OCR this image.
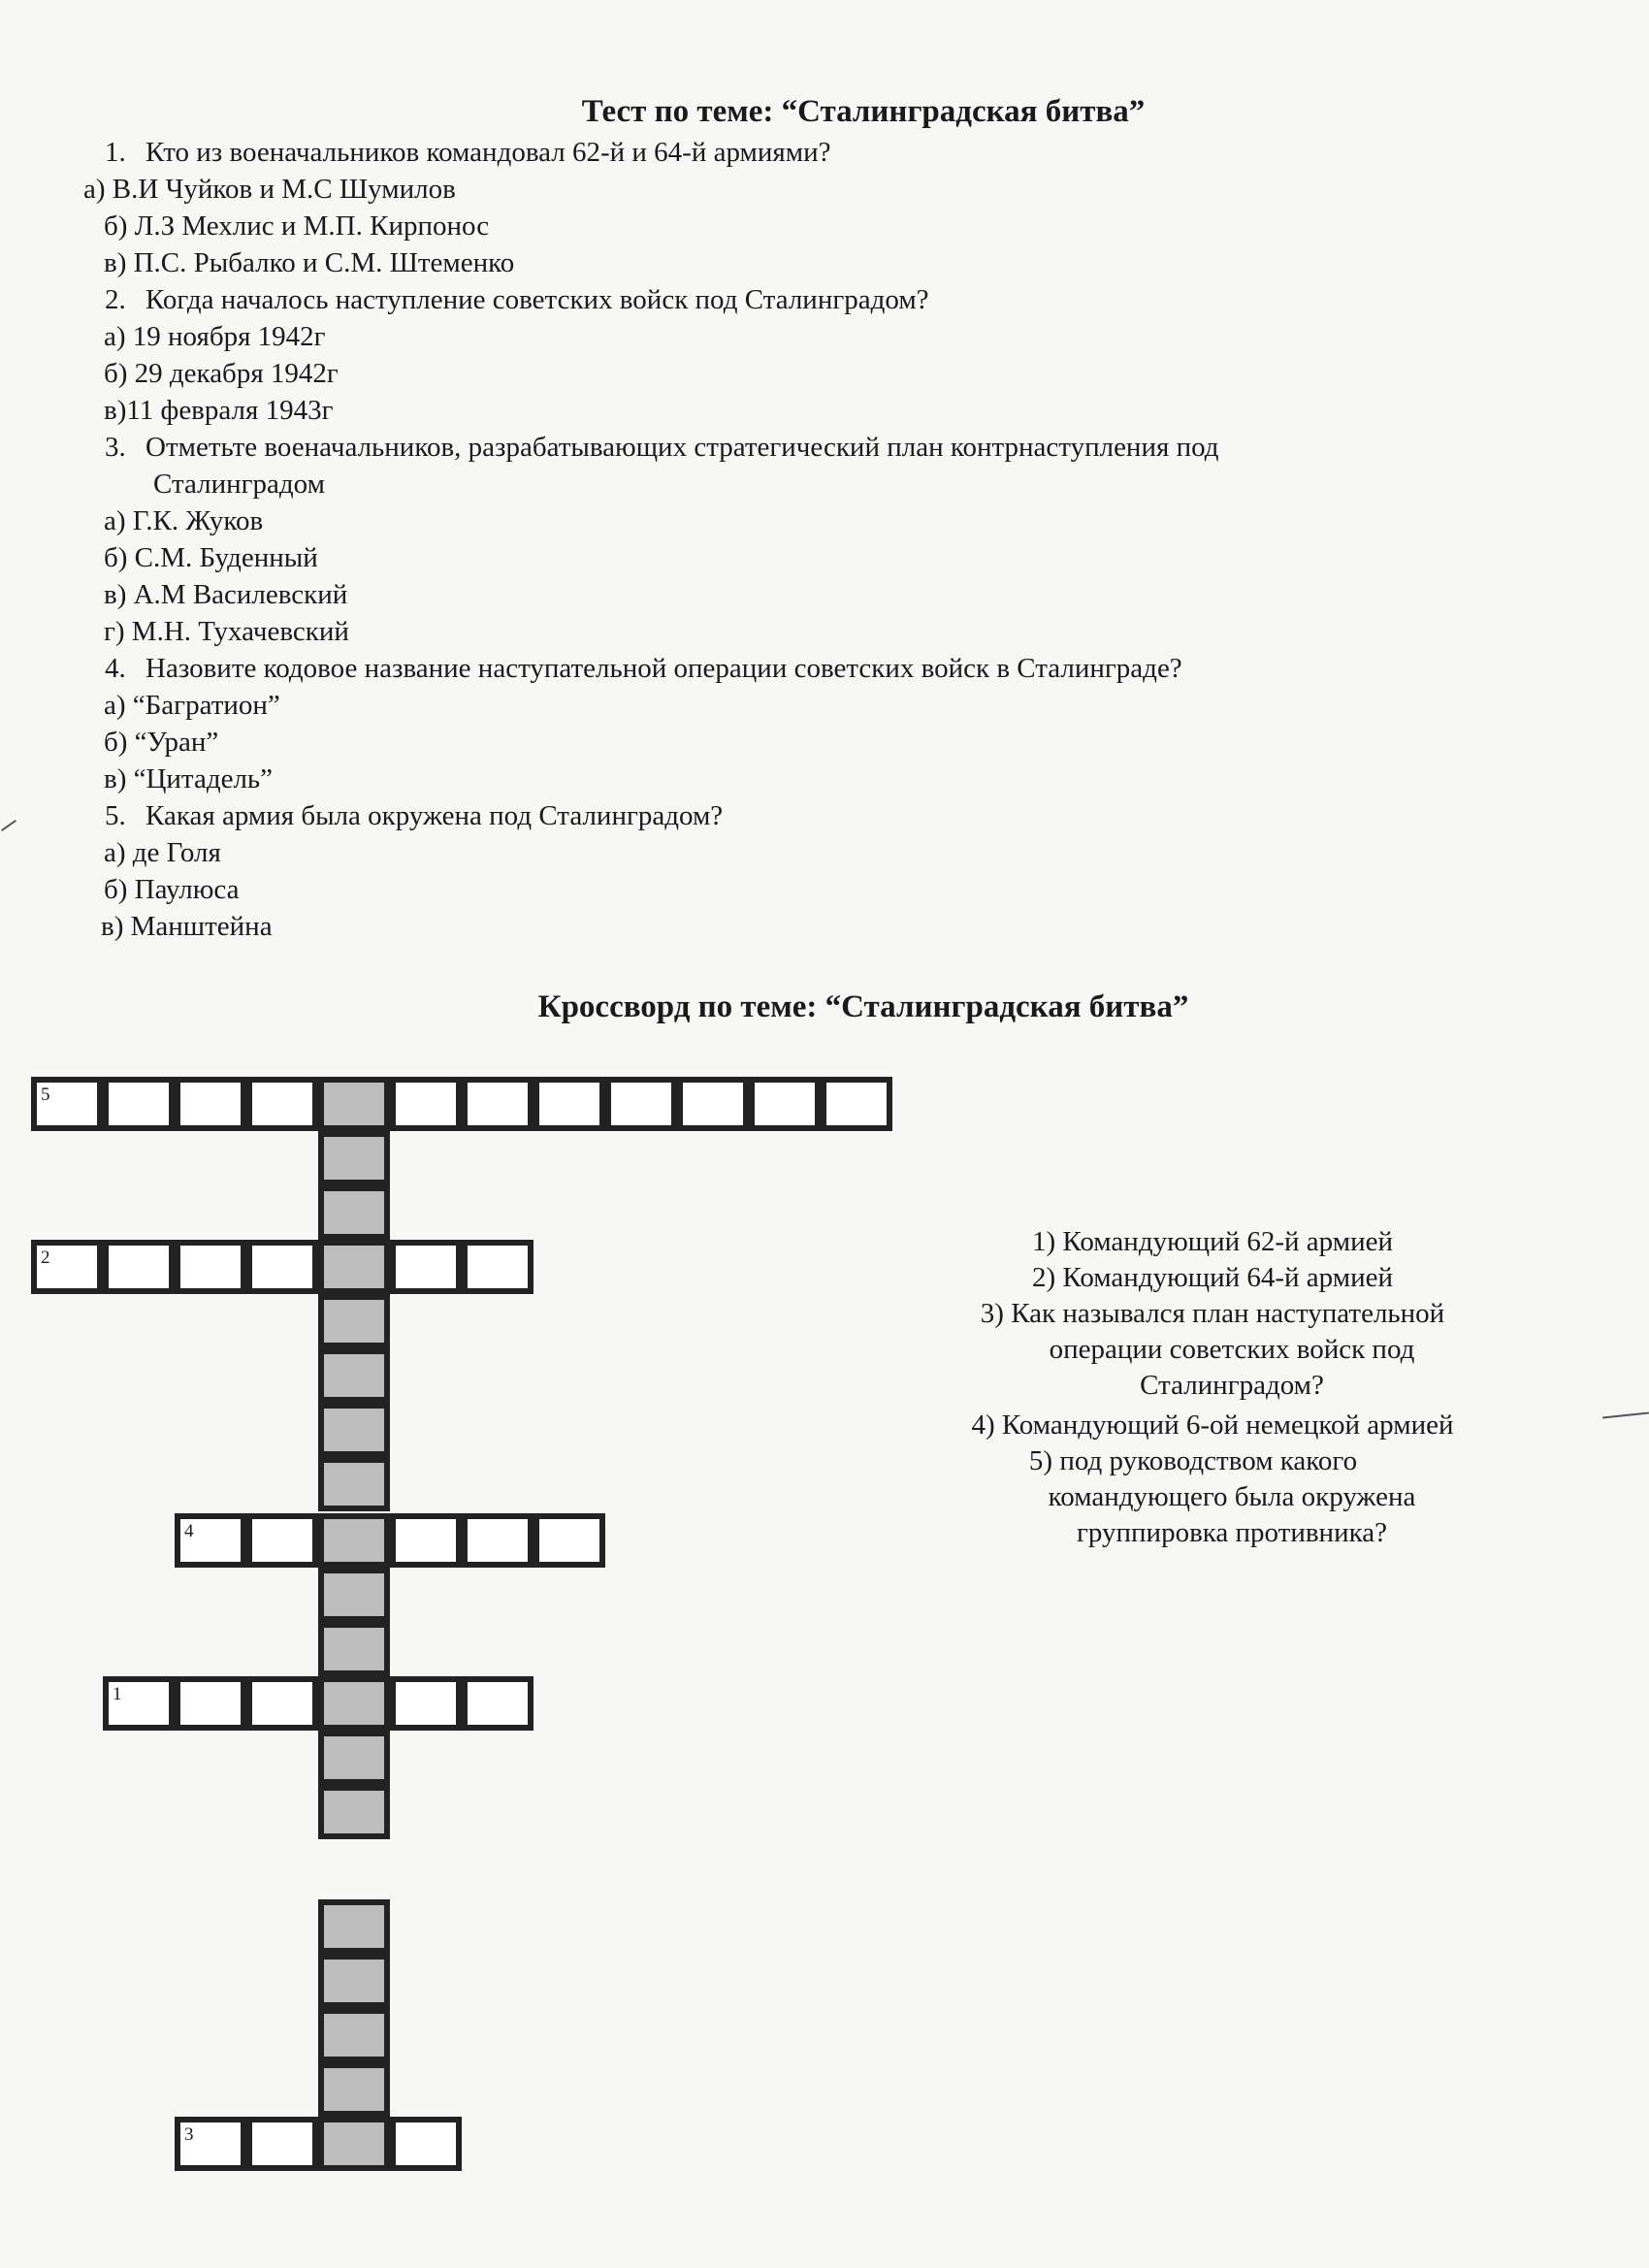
Тест по теме: “Сталинградская битва”
1. Кто из военачальников командовал 62-й и 64-й армиями?
а) В.И Чуйков и М.С Шумилов
б) Л.З Мехлис и М.П. Кирпонос
в) П.С. Рыбалко и С.М. Штеменко
2. Когда началось наступление советских войск под Сталинградом?
а) 19 ноября 1942г
б) 29 декабря 1942г
в)11 февраля 1943г
3. Отметьте военачальников, разрабатывающих стратегический план контрнаступления под
Сталинградом
а) Г.К. Жуков
б) С.М. Буденный
в) А.М Василевский
г) М.Н. Тухачевский
4. Назовите кодовое название наступательной операции советских войск в Сталинграде?
а) “Багратион”
б) “Уран”
в) “Цитадель”
5. Какая армия была окружена под Сталинградом?
а) де Голя
б) Паулюса
в) Манштейна
Кроссворд по теме: “Сталинградская битва”
5
2
4
1
3
1) Командующий 62-й армией
2) Командующий 64-й армией
3) Как назывался план наступательной
операции советских войск под
Сталинградом?
4) Командующий 6-ой немецкой армией
5) под руководством какого
командующего была окружена
группировка противника?
